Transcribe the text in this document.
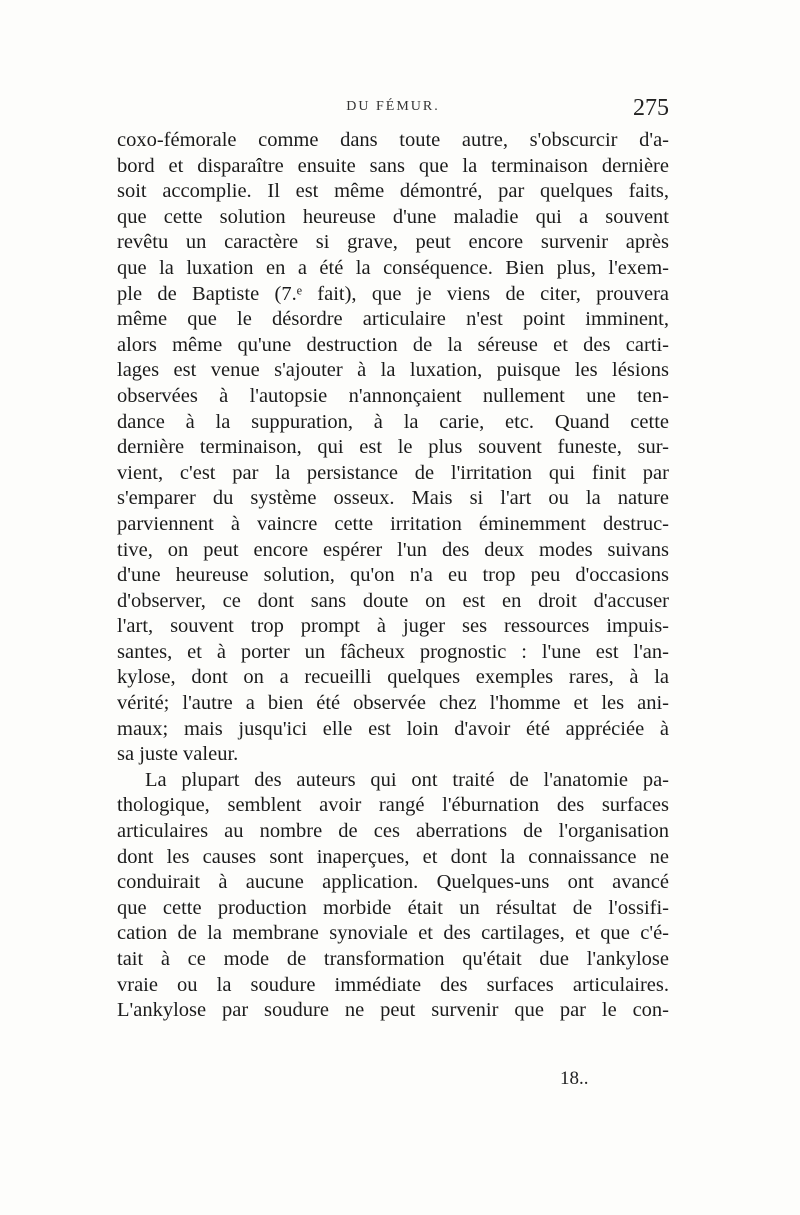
DU FÉMUR.	275
coxo-fémorale comme dans toute autre, s'obscurcir d'a-
bord et disparaître ensuite sans que la terminaison dernière
soit accomplie. Il est même démontré, par quelques faits,
que cette solution heureuse d'une maladie qui a souvent
revêtu un caractère si grave, peut encore survenir après
que la luxation en a été la conséquence. Bien plus, l'exem-
ple de Baptiste (7.ᵉ fait), que je viens de citer, prouvera
même que le désordre articulaire n'est point imminent,
alors même qu'une destruction de la séreuse et des carti-
lages est venue s'ajouter à la luxation, puisque les lésions
observées à l'autopsie n'annonçaient nullement une ten-
dance à la suppuration, à la carie, etc. Quand cette
dernière terminaison, qui est le plus souvent funeste, sur-
vient, c'est par la persistance de l'irritation qui finit par
s'emparer du système osseux. Mais si l'art ou la nature
parviennent à vaincre cette irritation éminemment destruc-
tive, on peut encore espérer l'un des deux modes suivans
d'une heureuse solution, qu'on n'a eu trop peu d'occasions
d'observer, ce dont sans doute on est en droit d'accuser
l'art, souvent trop prompt à juger ses ressources impuis-
santes, et à porter un fâcheux prognostic : l'une est l'an-
kylose, dont on a recueilli quelques exemples rares, à la
vérité; l'autre a bien été observée chez l'homme et les ani-
maux; mais jusqu'ici elle est loin d'avoir été appréciée à
sa juste valeur.
La plupart des auteurs qui ont traité de l'anatomie pa-
thologique, semblent avoir rangé l'éburnation des surfaces
articulaires au nombre de ces aberrations de l'organisation
dont les causes sont inaperçues, et dont la connaissance ne
conduirait à aucune application. Quelques-uns ont avancé
que cette production morbide était un résultat de l'ossifi-
cation de la membrane synoviale et des cartilages, et que c'é-
tait à ce mode de transformation qu'était due l'ankylose
vraie ou la soudure immédiate des surfaces articulaires.
L'ankylose par soudure ne peut survenir que par le con-
18..
